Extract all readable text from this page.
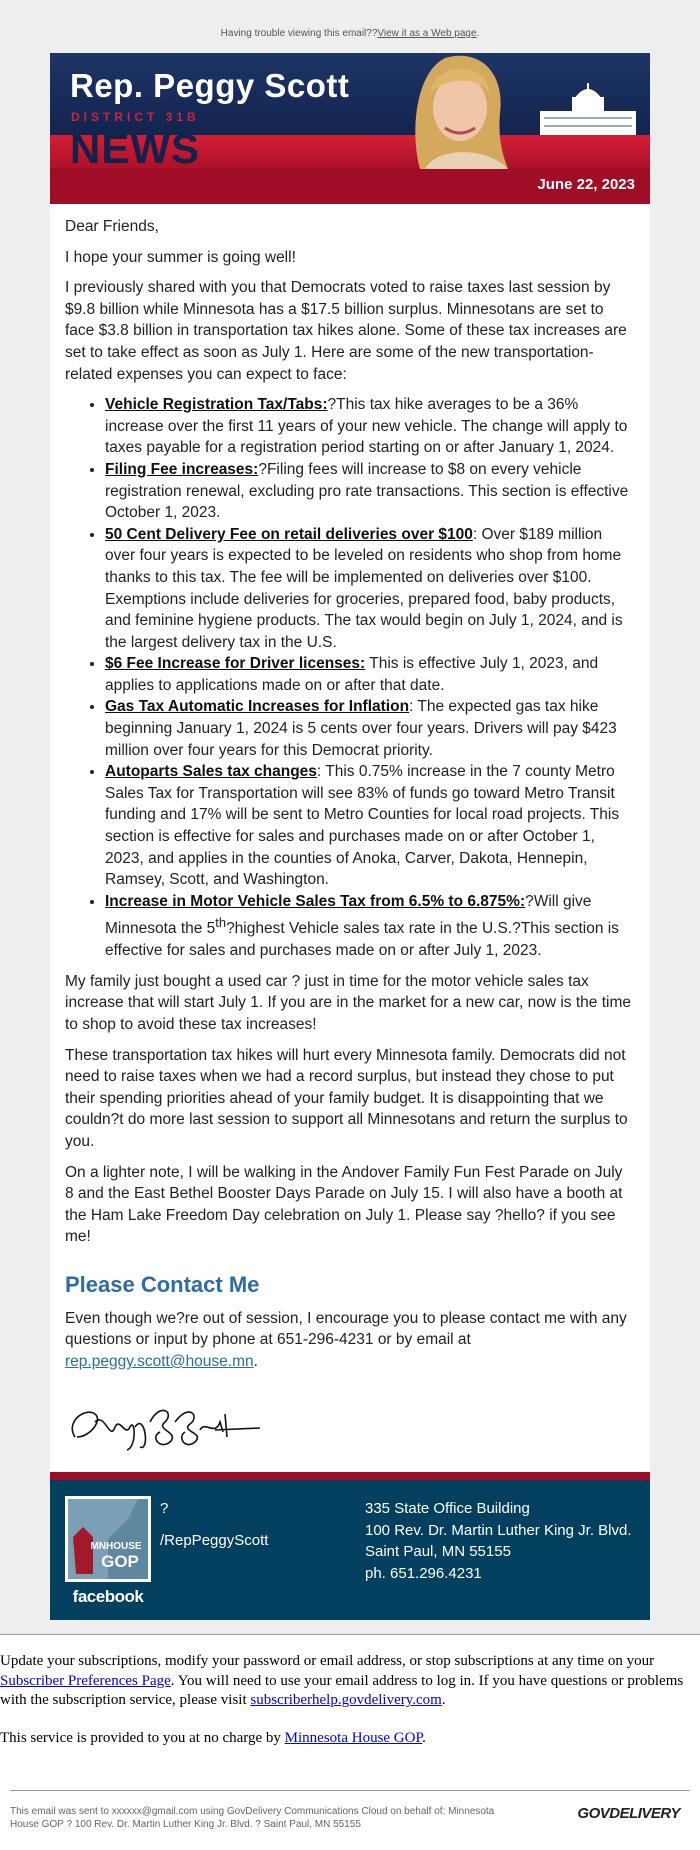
Having trouble viewing this email??View it as a Web page.
Rep. Peggy Scott
DISTRICT 31B
NEWS
June 22, 2023

Dear Friends,

I hope your summer is going well!

I previously shared with you that Democrats voted to raise taxes last session by $9.8 billion while Minnesota has a $17.5 billion surplus. Minnesotans are set to face $3.8 billion in transportation tax hikes alone. Some of these tax increases are set to take effect as soon as July 1. Here are some of the new transportation-related expenses you can expect to face:

• Vehicle Registration Tax/Tabs:?This tax hike averages to be a 36% increase over the first 11 years of your new vehicle. The change will apply to taxes payable for a registration period starting on or after January 1, 2024.
• Filing Fee increases:?Filing fees will increase to $8 on every vehicle registration renewal, excluding pro rate transactions. This section is effective October 1, 2023.
• 50 Cent Delivery Fee on retail deliveries over $100: Over $189 million over four years is expected to be leveled on residents who shop from home thanks to this tax. The fee will be implemented on deliveries over $100. Exemptions include deliveries for groceries, prepared food, baby products, and feminine hygiene products. The tax would begin on July 1, 2024, and is the largest delivery tax in the U.S.
• $6 Fee Increase for Driver licenses: This is effective July 1, 2023, and applies to applications made on or after that date.
• Gas Tax Automatic Increases for Inflation: The expected gas tax hike beginning January 1, 2024 is 5 cents over four years. Drivers will pay $423 million over four years for this Democrat priority.
• Autoparts Sales tax changes: This 0.75% increase in the 7 county Metro Sales Tax for Transportation will see 83% of funds go toward Metro Transit funding and 17% will be sent to Metro Counties for local road projects. This section is effective for sales and purchases made on or after October 1, 2023, and applies in the counties of Anoka, Carver, Dakota, Hennepin, Ramsey, Scott, and Washington.
• Increase in Motor Vehicle Sales Tax from 6.5% to 6.875%:?Will give Minnesota the 5th?highest Vehicle sales tax rate in the U.S.?This section is effective for sales and purchases made on or after July 1, 2023.

My family just bought a used car ? just in time for the motor vehicle sales tax increase that will start July 1. If you are in the market for a new car, now is the time to shop to avoid these tax increases!

These transportation tax hikes will hurt every Minnesota family. Democrats did not need to raise taxes when we had a record surplus, but instead they chose to put their spending priorities ahead of your family budget. It is disappointing that we couldn?t do more last session to support all Minnesotans and return the surplus to you.

On a lighter note, I will be walking in the Andover Family Fun Fest Parade on July 8 and the East Bethel Booster Days Parade on July 15. I will also have a booth at the Ham Lake Freedom Day celebration on July 1. Please say ?hello? if you see me!

Please Contact Me

Even though we?re out of session, I encourage you to please contact me with any questions or input by phone at 651-296-4231 or by email at rep.peggy.scott@house.mn.

MNHOUSE
GOP
facebook
?
/RepPeggyScott
335 State Office Building
100 Rev. Dr. Martin Luther King Jr. Blvd.
Saint Paul, MN 55155
ph. 651.296.4231

Update your subscriptions, modify your password or email address, or stop subscriptions at any time on your Subscriber Preferences Page. You will need to use your email address to log in. If you have questions or problems with the subscription service, please visit subscriberhelp.govdelivery.com.

This service is provided to you at no charge by Minnesota House GOP.

This email was sent to xxxxxx@gmail.com using GovDelivery Communications Cloud on behalf of: Minnesota House GOP ? 100 Rev. Dr. Martin Luther King Jr. Blvd. ? Saint Paul, MN 55155
GOVDELIVERY
